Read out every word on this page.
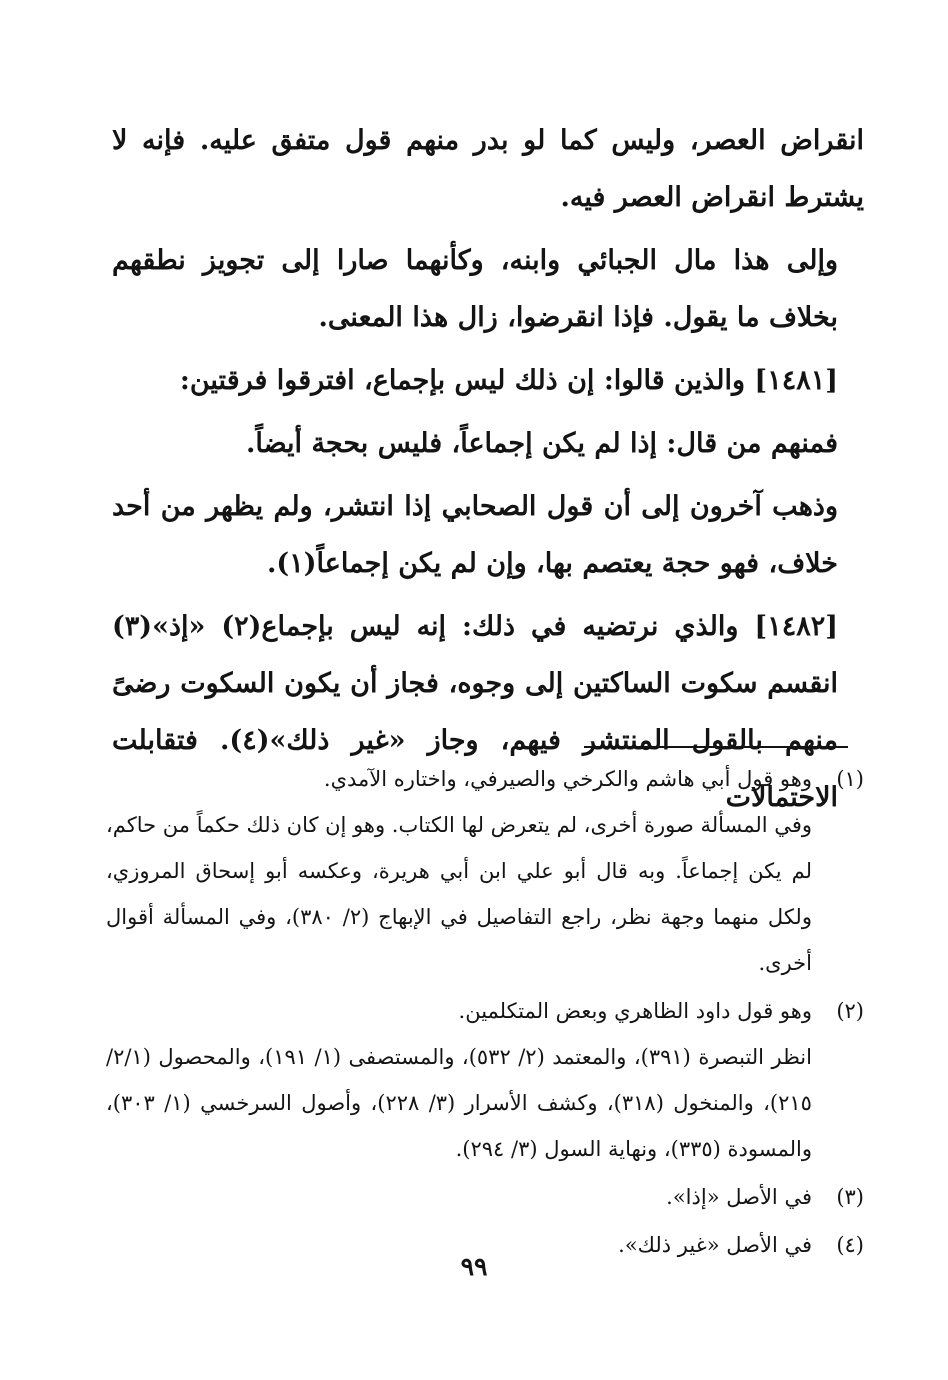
انقراض العصر، وليس كما لو بدر منهم قول متفق عليه. فإنه لا يشترط انقراض العصر فيه.

وإلى هذا مال الجبائي وابنه، وكأنهما صارا إلى تجويز نطقهم بخلاف ما يقول. فإذا انقرضوا، زال هذا المعنى.

[١٤٨١] والذين قالوا: إن ذلك ليس بإجماع، افترقوا فرقتين:

فمنهم من قال: إذا لم يكن إجماعاً، فليس بحجة أيضاً.

وذهب آخرون إلى أن قول الصحابي إذا انتشر، ولم يظهر من أحد خلاف، فهو حجة يعتصم بها، وإن لم يكن إجماعاً(١).

[١٤٨٢] والذي نرتضيه في ذلك: إنه ليس بإجماع(٢) «إذ»(٣) انقسم سكوت الساكتين إلى وجوه، فجاز أن يكون السكوت رضىً منهم بالقول المنتشر فيهم، وجاز «غير ذلك»(٤). فتقابلت الاحتمالات

(١)
وهو قول أبي هاشم والكرخي والصيرفي، واختاره الآمدي.
وفي المسألة صورة أخرى، لم يتعرض لها الكتاب. وهو إن كان ذلك حكماً من حاكم، لم يكن إجماعاً. وبه قال أبو علي ابن أبي هريرة، وعكسه أبو إسحاق المروزي، ولكل منهما وجهة نظر، راجع التفاصيل في الإبهاج (٢/ ٣٨٠)، وفي المسألة أقوال أخرى.
(٢)
وهو قول داود الظاهري وبعض المتكلمين.
انظر التبصرة (٣٩١)، والمعتمد (٢/ ٥٣٢)، والمستصفى (١/ ١٩١)، والمحصول (٢/١/ ٢١٥)، والمنخول (٣١٨)، وكشف الأسرار (٣/ ٢٢٨)، وأصول السرخسي (١/ ٣٠٣)، والمسودة (٣٣٥)، ونهاية السول (٣/ ٢٩٤).
(٣)
في الأصل «إذا».
(٤)
في الأصل «غير ذلك».
٩٩
